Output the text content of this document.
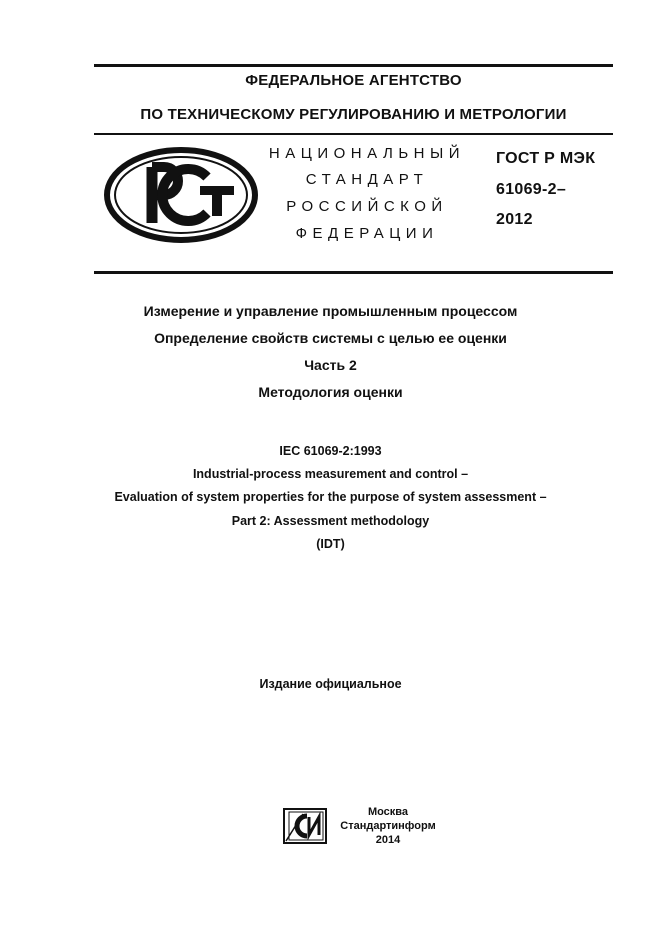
ФЕДЕРАЛЬНОЕ АГЕНТСТВО
ПО ТЕХНИЧЕСКОМУ РЕГУЛИРОВАНИЮ И МЕТРОЛОГИИ
НАЦИОНАЛЬНЫЙ
СТАНДАРТ
РОССИЙСКОЙ
ФЕДЕРАЦИИ
ГОСТ Р МЭК
61069-2–
2012
Измерение и управление промышленным процессом
Определение свойств системы с целью ее оценки
Часть 2
Методология оценки
IEC 61069-2:1993
Industrial-process measurement and control –
Evaluation of system properties for the purpose of system assessment –
Part 2: Assessment methodology
(IDT)
Издание официальное
Москва
Стандартинформ
2014
